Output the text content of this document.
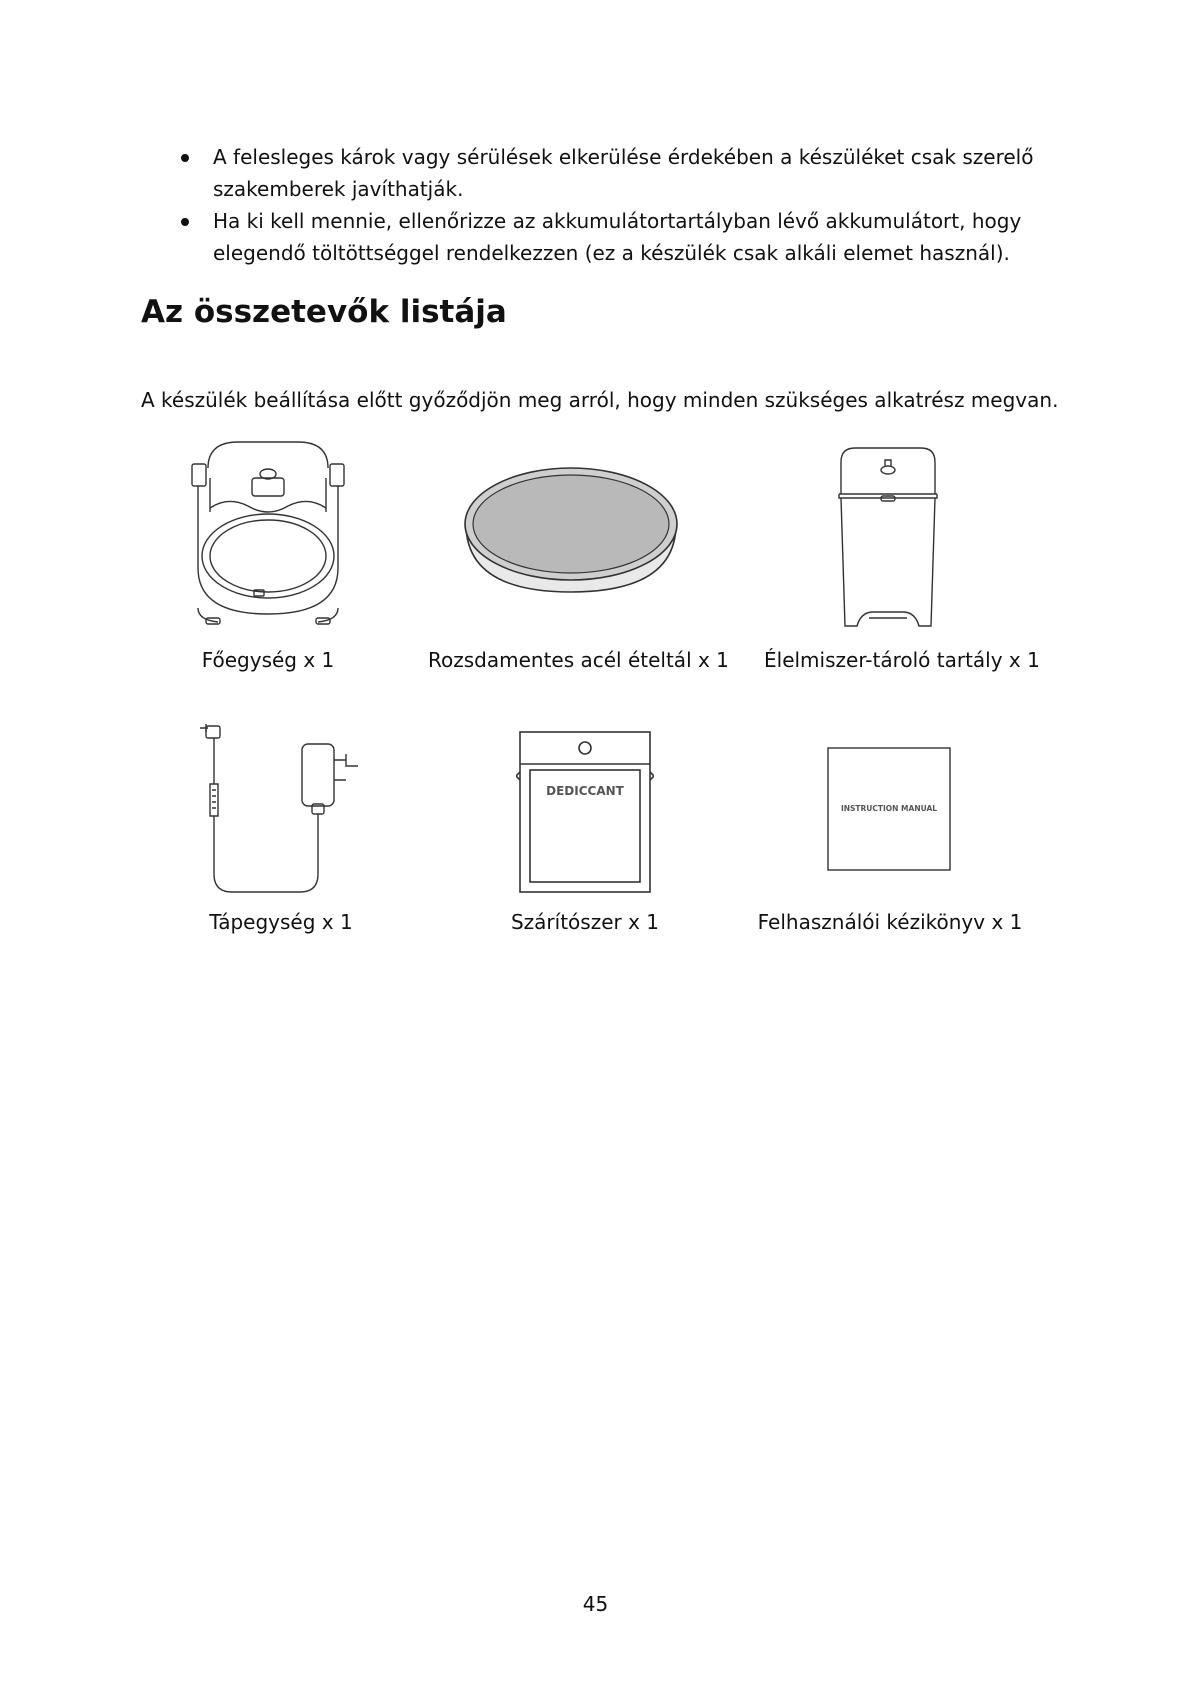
A felesleges károk vagy sérülések elkerülése érdekében a készüléket csak szerelő szakemberek javíthatják.
Ha ki kell mennie, ellenőrizze az akkumulátortartályban lévő akkumulátort, hogy elegendő töltöttséggel rendelkezzen (ez a készülék csak alkáli elemet használ).
Az összetevők listája

A készülék beállítása előtt győződjön meg arról, hogy minden szükséges alkatrész megvan.

Főegység x 1	Rozsdamentes acél ételtál x 1 Élelmiszer-tároló tartály x 1
Tápegység x 1
DEDICCANT
Szárítószer x 1
INSTRUCTION MANUAL
Felhasználói kézikönyv x 1
45
